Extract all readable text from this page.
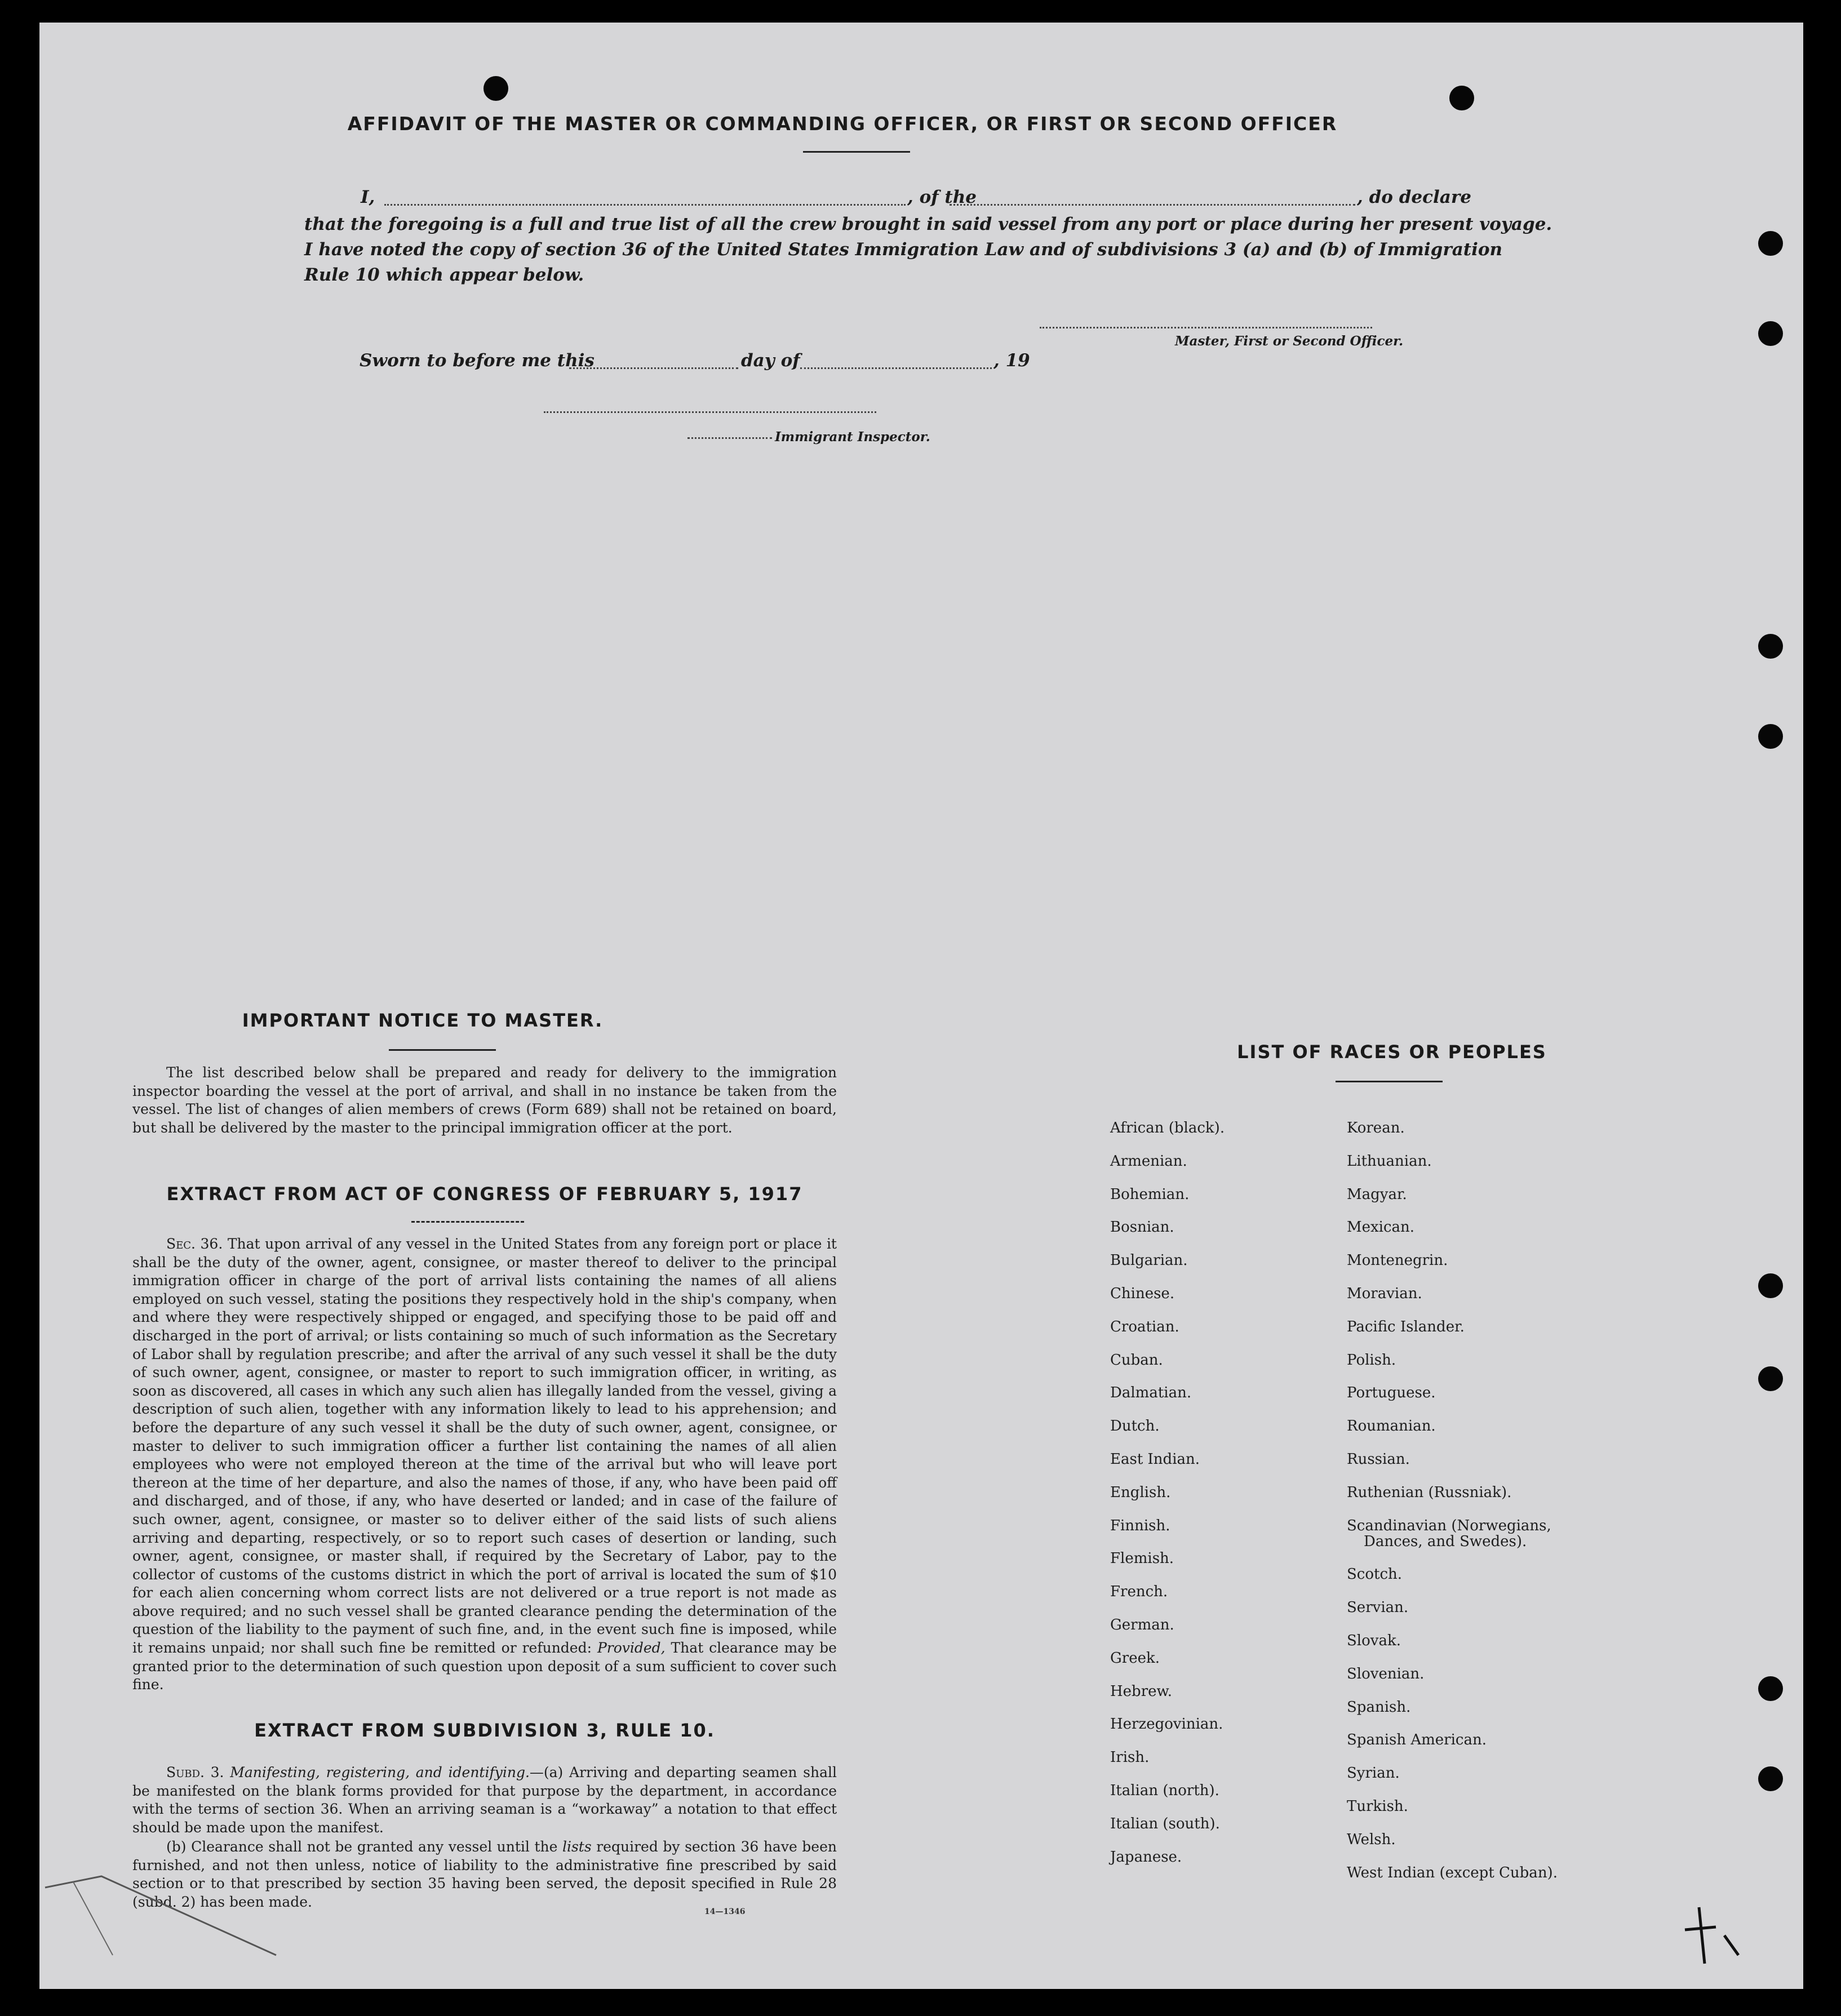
AFFIDAVIT OF THE MASTER OR COMMANDING OFFICER, OR FIRST OR SECOND OFFICER
I,	, of the	, do declare
that the foregoing is a full and true list of all the crew brought in said vessel from any port or place during her present voyage.
I have noted the copy of section 36 of the United States Immigration Law and of subdivisions 3 (a) and (b) of Immigration
Rule 10 which appear below.
Master, First or Second Officer.
Sworn to before me this	day of	, 19
Immigrant Inspector.
IMPORTANT NOTICE TO MASTER.
The list described below shall be prepared and ready for delivery to the immigration inspector boarding the vessel at the port of arrival, and shall in no instance be taken from the vessel. The list of changes of alien members of crews (Form 689) shall not be retained on board, but shall be delivered by the master to the principal immigration officer at the port.
EXTRACT FROM ACT OF CONGRESS OF FEBRUARY 5, 1917
Sec. 36. That upon arrival of any vessel in the United States from any foreign port or place it shall be the duty of the owner, agent, consignee, or master thereof to deliver to the principal immigration officer in charge of the port of arrival lists containing the names of all aliens employed on such vessel, stating the positions they respectively hold in the ship's company, when and where they were respectively shipped or engaged, and specifying those to be paid off and discharged in the port of arrival; or lists containing so much of such information as the Secretary of Labor shall by regulation prescribe; and after the arrival of any such vessel it shall be the duty of such owner, agent, consignee, or master to report to such immigration officer, in writing, as soon as discovered, all cases in which any such alien has illegally landed from the vessel, giving a description of such alien, together with any information likely to lead to his apprehension; and before the departure of any such vessel it shall be the duty of such owner, agent, consignee, or master to deliver to such immigration officer a further list containing the names of all alien employees who were not employed thereon at the time of the arrival but who will leave port thereon at the time of her departure, and also the names of those, if any, who have been paid off and discharged, and of those, if any, who have deserted or landed; and in case of the failure of such owner, agent, consignee, or master so to deliver either of the said lists of such aliens arriving and departing, respectively, or so to report such cases of desertion or landing, such owner, agent, consignee, or master shall, if required by the Secretary of Labor, pay to the collector of customs of the customs district in which the port of arrival is located the sum of $10 for each alien concerning whom correct lists are not delivered or a true report is not made as above required; and no such vessel shall be granted clearance pending the determination of the question of the liability to the payment of such fine, and, in the event such fine is imposed, while it remains unpaid; nor shall such fine be remitted or refunded: Provided, That clearance may be granted prior to the determination of such question upon deposit of a sum sufficient to cover such fine.
EXTRACT FROM SUBDIVISION 3, RULE 10.
Subd. 3. Manifesting, registering, and identifying.—(a) Arriving and departing seamen shall be manifested on the blank forms provided for that purpose by the department, in accordance with the terms of section 36. When an arriving seaman is a “workaway” a notation to that effect should be made upon the manifest.
(b) Clearance shall not be granted any vessel until the lists required by section 36 have been furnished, and not then unless, notice of liability to the administrative fine prescribed by said section or to that prescribed by section 35 having been served, the deposit specified in Rule 28 (subd. 2) has been made.
14—1346
LIST OF RACES OR PEOPLES
African (black).
Armenian.
Bohemian.
Bosnian.
Bulgarian.
Chinese.
Croatian.
Cuban.
Dalmatian.
Dutch.
East Indian.
English.
Finnish.
Flemish.
French.
German.
Greek.
Hebrew.
Herzegovinian.
Irish.
Italian (north).
Italian (south).
Japanese.
Korean.
Lithuanian.
Magyar.
Mexican.
Montenegrin.
Moravian.
Pacific Islander.
Polish.
Portuguese.
Roumanian.
Russian.
Ruthenian (Russniak).
Scandinavian (Norwegians,
Dances, and Swedes).
Scotch.
Servian.
Slovak.
Slovenian.
Spanish.
Spanish American.
Syrian.
Turkish.
Welsh.
West Indian (except Cuban).
